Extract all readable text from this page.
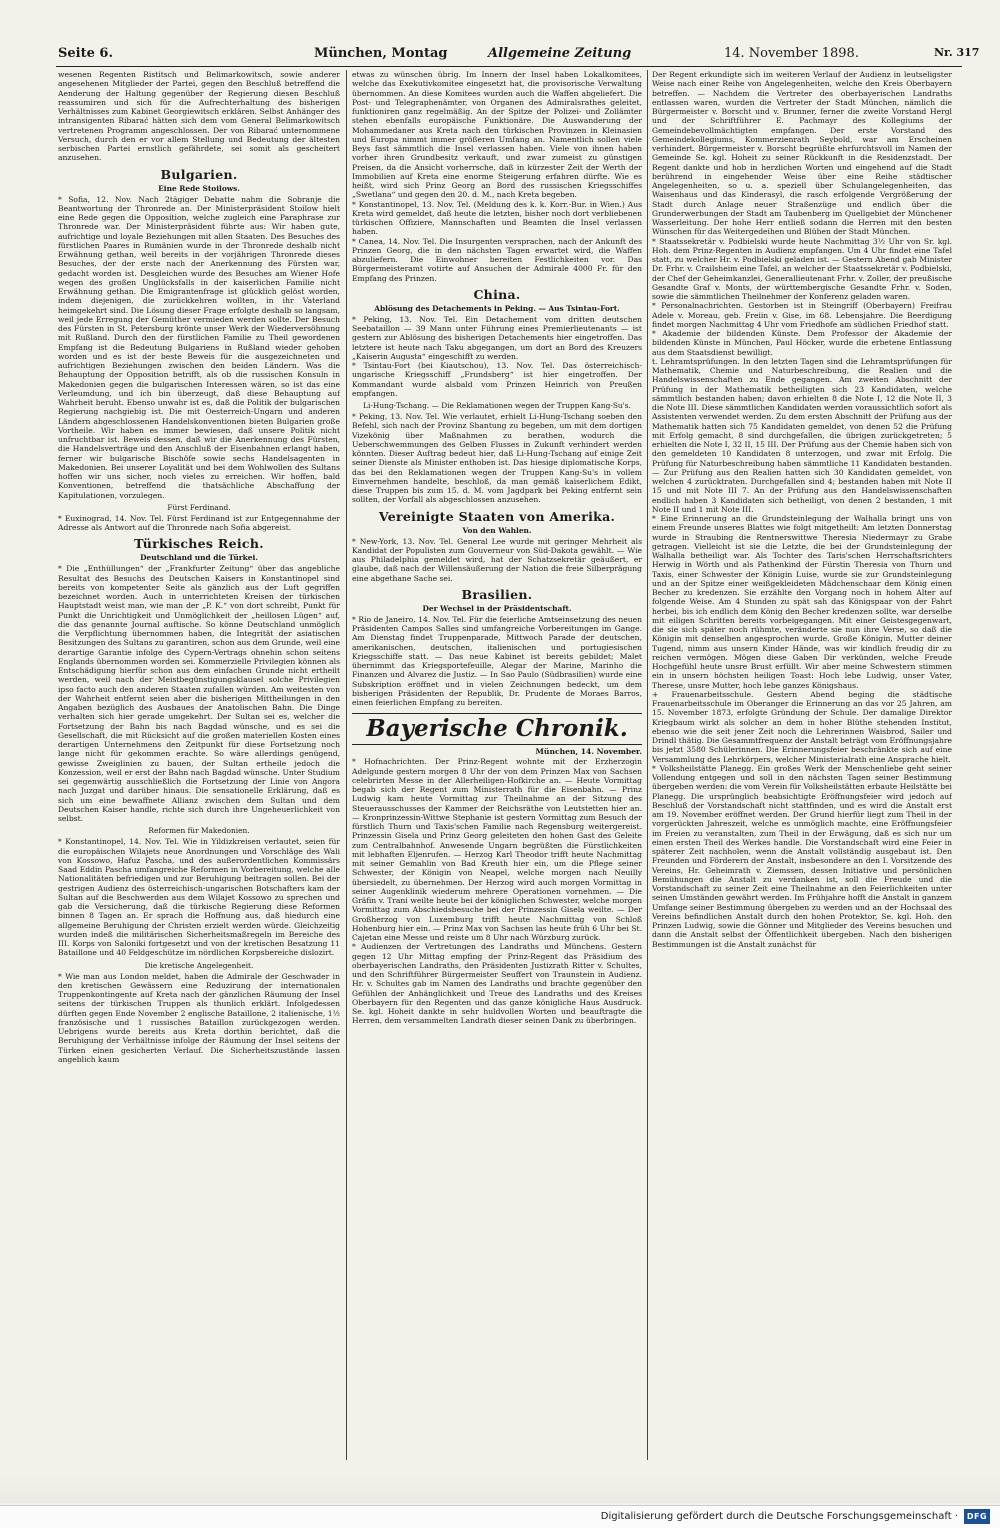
Seite 6.	München, Montag	Allgemeine Zeitung	14. November 1898.	Nr. 317

wesenen Regenten Ristitsch und Belimarkowitsch, sowie anderer angesehenen Mitglieder der Partei, gegen den Beschluß betreffend die Aenderung der Haltung gegenüber der Regierung diesen Beschluß reassumiren und sich für die Aufrechterhaltung des bisherigen Verhältnisses zum Kabinet Georgiewitsch erklären. Selbst Anhänger des intransigenten Ribarać hätten sich dem vom General Belimarkowitsch vertretenen Programm angeschlossen. Der von Ribarać unternommene Versuch, durch den er vor allem Stellung und Bedeutung der ältesten serbischen Partei ernstlich gefährdete, sei somit als gescheitert anzusehen.

Bulgarien.
Eine Rede Stoilows.

* Sofia, 12. Nov. Nach 2tägiger Debatte nahm die Sobranje die Beantwortung der Thronrede an. Der Ministerpräsident Stoilow hielt eine Rede gegen die Opposition, welche zugleich eine Paraphrase zur Thronrede war. Der Ministerpräsident führte aus: Wir haben gute, aufrichtige und loyale Beziehungen mit allen Staaten. Des Besuches des fürstlichen Paares in Rumänien wurde in der Thronrede deshalb nicht Erwähnung gethan, weil bereits in der vorjährigen Thronrede dieses Besuches, der der erste nach der Anerkennung des Fürsten war, gedacht worden ist. Desgleichen wurde des Besuches am Wiener Hofe wegen des großen Unglücksfalls in der kaiserlichen Familie nicht Erwähnung gethan. Die Emigrantenfrage ist glücklich gelöst worden, indem diejenigen, die zurückkehren wollten, in ihr Vaterland heimgekehrt sind. Die Lösung dieser Frage erfolgte deshalb so langsam, weil jede Erregung der Gemüther vermieden werden sollte. Der Besuch des Fürsten in St. Petersburg krönte unser Werk der Wiederversöhnung mit Rußland. Durch den der fürstlichen Familie zu Theil gewordenen Empfang ist die Bedeutung Bulgariens in Rußland wieder gehoben worden und es ist der beste Beweis für die ausgezeichneten und aufrichtigen Beziehungen zwischen den beiden Ländern. Was die Behauptung der Opposition betrifft, als ob die russischen Konsuln in Makedonien gegen die bulgarischen Interessen wären, so ist das eine Verleumdung, und ich bin überzeugt, daß diese Behauptung auf Wahrheit beruht. Ebenso unwahr ist es, daß die Politik der bulgarischen Regierung nachgiebig ist. Die mit Oesterreich-Ungarn und anderen Ländern abgeschlossenen Handelskonventionen bieten Bulgarien große Vortheile. Wir haben es immer bewiesen, daß unsere Politik nicht unfruchtbar ist. Beweis dessen, daß wir die Anerkennung des Fürsten, die Handelsverträge und den Anschluß der Eisenbahnen erlangt haben, ferner wir bulgarische Bischöfe sowie sechs Handelsagenten in Makedonien. Bei unserer Loyalität und bei dem Wohlwollen des Sultans hoffen wir uns sicher, noch vieles zu erreichen. Wir hoffen, bald Konventionen, betreffend die thatsächliche Abschaffung der Kapitulationen, vorzulegen.

Fürst Ferdinand.

* Euxinograd, 14. Nov. Tel. Fürst Ferdinand ist zur Entgegennahme der Adresse als Antwort auf die Thronrede nach Sofia abgereist.

Türkisches Reich.
Deutschland und die Türkei.

* Die „Enthüllungen“ der „Frankfurter Zeitung“ über das angebliche Resultat des Besuchs des Deutschen Kaisers in Konstantinopel sind bereits von kompetenter Seite als gänzlich aus der Luft gegriffen bezeichnet worden. Auch in unterrichteten Kreisen der türkischen Hauptstadt weist man, wie man der „P. K.“ von dort schreibt, Punkt für Punkt die Unrichtigkeit und Unmöglichkeit der „heillosen Lügen“ auf, die das genannte Journal auftische. So könne Deutschland unmöglich die Verpflichtung übernommen haben, die Integrität der asiatischen Besitzungen des Sultans zu garantiren, schon aus dem Grunde, weil eine derartige Garantie infolge des Cypern-Vertrags ohnehin schon seitens Englands übernommen worden sei. Kommerzielle Privilegien können als Entschädigung hierfür schon aus dem einfachen Grunde nicht ertheilt werden, weil nach der Meistbegünstigungsklausel solche Privilegien ipso facto auch den anderen Staaten zufallen würden. Am weitesten von der Wahrheit entfernt seien aber die bisherigen Mittheilungen in den Angaben bezüglich des Ausbaues der Anatolischen Bahn. Die Dinge verhalten sich hier gerade umgekehrt. Der Sultan sei es, welcher die Fortsetzung der Bahn bis nach Bagdad wünsche, und es sei die Gesellschaft, die mit Rücksicht auf die großen materiellen Kosten eines derartigen Unternehmens den Zeitpunkt für diese Fortsetzung noch lange nicht für gekommen erachte. So wäre allerdings genügend, gewisse Zweiglinien zu bauen, der Sultan ertheile jedoch die Konzession, weil er erst der Bahn nach Bagdad wünsche. Unter Studium sei gegenwärtig ausschließlich die Fortsetzung der Linie von Angora nach Juzgat und darüber hinaus. Die sensationelle Erklärung, daß es sich um eine bewaffnete Allianz zwischen dem Sultan und dem Deutschen Kaiser handle, richte sich durch ihre Ungeheuerlichkeit von selbst.

Reformen für Makedonien.

* Konstantinopel, 14. Nov. Tel. Wie in Yildizkreisen verlautet, seien für die europäischen Wilajets neue Anordnungen und Vorschläge des Wali von Kossowo, Hafuz Pascha, und des außerordentlichen Kommissärs Saad Eddin Pascha umfangreiche Reformen in Vorbereitung, welche alle Nationalitäten befriedigen und zur Beruhigung beitragen sollen. Bei der gestrigen Audienz des österreichisch-ungarischen Botschafters kam der Sultan auf die Beschwerden aus dem Wilajet Kossowo zu sprechen und gab die Versicherung, daß die türkische Regierung diese Reformen binnen 8 Tagen an. Er sprach die Hoffnung aus, daß hiedurch eine allgemeine Beruhigung der Christen erzielt werden würde. Gleichzeitig wurden indeß die militärischen Sicherheitsmaßregeln im Bereiche des III. Korps von Saloniki fortgesetzt und von der kretischen Besatzung 11 Bataillone und 40 Feldgeschütze im nördlichen Korpsbereiche dislozirt.

Die kretische Angelegenheit.

* Wie man aus London meldet, haben die Admirale der Geschwader in den kretischen Gewässern eine Reduzirung der internationalen Truppenkontingente auf Kreta nach der gänzlichen Räumung der Insel seitens der türkischen Truppen als thunlich erklärt. Infolgedessen dürften gegen Ende November 2 englische Bataillone, 2 italienische, 1½ französische und 1 russisches Bataillon zurückgezogen werden. Uebrigens wurde bereits aus Kreta dorthin berichtet, daß die Beruhigung der Verhältnisse infolge der Räumung der Insel seitens der Türken einen gesicherten Verlauf. Die Sicherheitszustände lassen angeblich kaum

etwas zu wünschen übrig. Im Innern der Insel haben Lokalkomitees, welche das Exekutivkomitee eingesetzt hat, die provisorische Verwaltung übernommen. An diese Komitees wurden auch die Waffen abgeliefert. Die Post- und Telegraphenämter, von Organen des Admiralsrathes geleitet, funktioniren ganz regelmäßig. An der Spitze der Polizei- und Zollämter stehen ebenfalls europäische Funktionäre. Die Auswanderung der Mohammedaner aus Kreta nach den türkischen Provinzen in Kleinasien und Europa nimmt immer größeren Umfang an. Namentlich sollen viele Beys fast sämmtlich die Insel verlassen haben. Viele von ihnen haben vorher ihren Grundbesitz verkauft, und zwar zumeist zu günstigen Preisen, da die Ansicht vorherrsche, daß in kürzester Zeit der Werth der Immobilien auf Kreta eine enorme Steigerung erfahren dürfte. Wie es heißt, wird sich Prinz Georg an Bord des russischen Kriegsschiffes „Swetlana“ und gegen den 20. d. M., nach Kreta begeben.

* Konstantinopel, 13. Nov. Tel. (Meldung des k. k. Korr.-Bur. in Wien.) Aus Kreta wird gemeldet, daß heute die letzten, bisher noch dort verbliebenen türkischen Offiziere, Mannschaften und Beamten die Insel verlassen haben.

* Canea, 14. Nov. Tel. Die Insurgenten versprachen, nach der Ankunft des Prinzen Georg, die in den nächsten Tagen erwartet wird, die Waffen abzuliefern. Die Einwohner bereiten Festlichkeiten vor. Das Bürgermeisteramt votirte auf Ansuchen der Admirale 4000 Fr. für den Empfang des Prinzen.

China.
Ablösung des Detachements in Peking. — Aus Tsintau-Fort.

* Peking, 13. Nov. Tel. Ein Detachement vom dritten deutschen Seebataillon — 39 Mann unter Führung eines Premierlieutenants — ist gestern zur Ablösung des bisherigen Detachements hier eingetroffen. Das letztere ist heute nach Taku abgegangen, um dort an Bord des Kreuzers „Kaiserin Augusta“ eingeschifft zu werden.

* Tsintau-Fort (bei Kiautschou), 13. Nov. Tel. Das österreichisch-ungarische Kriegsschiff „Frundsberg“ ist hier eingetroffen. Der Kommandant wurde alsbald vom Prinzen Heinrich von Preußen empfangen.

Li-Hung-Tschang. — Die Reklamationen wegen der Truppen Kang-Su's.

* Peking, 13. Nov. Tel. Wie verlautet, erhielt Li-Hung-Tschang soeben den Befehl, sich nach der Provinz Shantung zu begeben, um mit dem dortigen Vizekönig über Maßnahmen zu berathen, wodurch die Ueberschwemmungen des Gelben Flusses in Zukunft verhindert werden könnten. Dieser Auftrag bedeut hier, daß Li-Hung-Tschang auf einige Zeit seiner Dienste als Minister enthoben ist. Das hiesige diplomatische Korps, das bei den Reklamationen wegen der Truppen Kang-Su's in vollem Einvernehmen handelte, beschloß, da man gemäß kaiserlichem Edikt, diese Truppen bis zum 15. d. M. vom Jagdpark bei Peking entfernt sein sollten, der Vorfall als abgeschlossen anzusehen.

Vereinigte Staaten von Amerika.
Von den Wahlen.

* New-York, 13. Nov. Tel. General Lee wurde mit geringer Mehrheit als Kandidat der Populisten zum Gouverneur von Süd-Dakota gewählt. — Wie aus Philadelphia gemeldet wird, hat der Schatzsekretär geäußert, er glaube, daß nach der Willensäußerung der Nation die freie Silberprägung eine abgethane Sache sei.

Brasilien.
Der Wechsel in der Präsidentschaft.

* Rio de Janeiro, 14. Nov. Tel. Für die feierliche Amtseinsetzung des neuen Präsidenten Campos Salles sind umfangreiche Vorbereitungen im Gange. Am Dienstag findet Truppenparade, Mittwoch Parade der deutschen, amerikanischen, deutschen, italienischen und portugiesischen Kriegsschiffe statt. — Das neue Kabinet ist bereits gebildet; Malet übernimmt das Kriegsportefeuille, Alegar der Marine, Marinho die Finanzen und Alvarez die Justiz. — In Sao Paulo (Südbrasilien) wurde eine Subskription eröffnet und in vielen Zeichnungen bedeckt, um dem bisherigen Präsidenten der Republik, Dr. Prudente de Moraes Barros, einen feierlichen Empfang zu bereiten.

Bayerische Chronik.
München, 14. November.

* Hofnachrichten. Der Prinz-Regent wohnte mit der Erzherzogin Adelgunde gestern morgen 8 Uhr der von dem Prinzen Max von Sachsen celebrirten Messe in der Allerheiligen-Hofkirche an. — Heute Vormittag begab sich der Regent zum Ministerrath für die Eisenbahn. — Prinz Ludwig kam heute Vormittag zur Theilnahme an der Sitzung des Steuerausschusses der Kammer der Reichsräthe von Leutstetten hier an. — Kronprinzessin-Wittwe Stephanie ist gestern Vormittag zum Besuch der fürstlich Thurn und Taxis'schen Familie nach Regensburg weitergereist. Prinzessin Gisela und Prinz Georg geleiteten den hohen Gast des Geleite zum Centralbahnhof. Anwesende Ungarn begrüßten die Fürstlichkeiten mit lebhaften Eljenrufen. — Herzog Karl Theodor trifft heute Nachmittag mit seiner Gemahlin von Bad Kreuth hier ein, um die Pflege seiner Schwester, der Königin von Neapel, welche morgen nach Neuilly übersiedelt, zu übernehmen. Der Herzog wird auch morgen Vormittag in seiner Augenklinik wiederum mehrere Operationen vornehmen. — Die Gräfin v. Trani weilte heute bei der königlichen Schwester, welche morgen Vormittag zum Abschiedsbesuche bei der Prinzessin Gisela weilte. — Der Großherzog von Luxemburg trifft heute Nachmittag von Schloß Hohenburg hier ein. — Prinz Max von Sachsen las heute früh 6 Uhr bei St. Cajetan eine Messe und reiste um 8 Uhr nach Würzburg zurück.

* Audienzen der Vertretungen des Landraths und Münchens. Gestern gegen 12 Uhr Mittag empfing der Prinz-Regent das Präsidium des oberbayerischen Landraths, den Präsidenten Justizrath Ritter v. Schultes, und den Schriftführer Bürgermeister Seuffert von Traunstein in Audienz. Hr. v. Schultes gab im Namen des Landraths und brachte gegenüber den Gefühlen der Anhänglichkeit und Treue des Landraths und des Kreises Oberbayern für den Regenten und das ganze königliche Haus Ausdruck. Se. kgl. Hoheit dankte in sehr huldvollen Worten und beauftragte die Herren, dem versammelten Landrath dieser seinen Dank zu überbringen.

Der Regent erkundigte sich im weiteren Verlauf der Audienz in leutseligster Weise nach einer Reihe von Angelegenheiten, welche den Kreis Oberbayern betreffen. — Nachdem die Vertreter des oberbayerischen Landraths entlassen waren, wurden die Vertreter der Stadt München, nämlich die Bürgermeister v. Borscht und v. Brunner, ferner die zweite Vorstand Hergl und der Schriftführer E. Pachmayr des Kollegiums der Gemeindebevollmächtigten empfangen. Der erste Vorstand des Gemeindekollegiums, Kommerzienrath Seybold, war am Erscheinen verhindert. Bürgermeister v. Borscht begrüßte ehrfurchtsvoll im Namen der Gemeinde Se. kgl. Hoheit zu seiner Rückkunft in die Residenzstadt. Der Regent dankte und hob in herzlichen Worten und eingehend auf die Stadt berührend in eingehender Weise über eine Reihe städtischer Angelegenheiten, so u. a. speziell über Schulangelegenheiten, das Waisenhaus und das Kinderasyl, die rasch erfolgende Vergrößerung der Stadt durch Anlage neuer Straßenzüge und endlich über die Grunderwerbungen der Stadt am Taubenberg im Quellgebiet der Münchener Wasserleitung. Der hohe Herr entließ sodann die Herren mit den besten Wünschen für das Weitergedeihen und Blühen der Stadt München.

* Staatssekretär v. Podbielski wurde heute Nachmittag 3½ Uhr von Sr. kgl. Hoh. dem Prinz-Regenten in Audienz empfangen. Um 4 Uhr findet eine Tafel statt, zu welcher Hr. v. Podbielski geladen ist. — Gestern Abend gab Minister Dr. Frhr. v. Crailsheim eine Tafel, an welcher der Staatssekretär v. Podbielski, der Chef der Geheimkanzlei, Generallieutenant Frhr. v. Zoller, der preußische Gesandte Graf v. Monts, der württembergische Gesandte Frhr. v. Soden, sowie die sämmtlichen Theilnehmer der Konferenz geladen waren.

* Personalnachrichten. Gestorben ist in Steingriff (Oberbayern) Freifrau Adele v. Moreau, geb. Freiin v. Gise, im 68. Lebensjahre. Die Beerdigung findet morgen Nachmittag 4 Uhr vom Friedhofe am südlichen Friedhof statt.

* Akademie der bildenden Künste. Dem Professor der Akademie der bildenden Künste in München, Paul Höcker, wurde die erbetene Entlassung aus dem Staatsdienst bewilligt.

t. Lehramtsprüfungen. In den letzten Tagen sind die Lehramtsprüfungen für Mathematik, Chemie und Naturbeschreibung, die Realien und die Handelswissenschaften zu Ende gegangen. Am zweiten Abschnitt der Prüfung in der Mathematik betheiligten sich 23 Kandidaten, welche sämmtlich bestanden haben; davon erhielten 8 die Note I, 12 die Note II, 3 die Note III. Diese sämmtlichen Kandidaten werden voraussichtlich sofort als Assistenten verwendet werden. Zu dem ersten Abschnitt der Prüfung aus der Mathematik hatten sich 75 Kandidaten gemeldet, von denen 52 die Prüfung mit Erfolg gemacht, 8 sind durchgefallen, die übrigen zurückgetreten; 5 erhielten die Note I, 32 II, 15 III. Der Prüfung aus der Chemie haben sich von den gemeldeten 10 Kandidaten 8 unterzogen, und zwar mit Erfolg. Die Prüfung für Naturbeschreibung haben sämmtliche 11 Kandidaten bestanden. — Zur Prüfung aus den Realien hatten sich 30 Kandidaten gemeldet, von welchen 4 zurücktraten. Durchgefallen sind 4; bestanden haben mit Note II 15 und mit Note III 7. An der Prüfung aus den Handelswissenschaften endlich haben 3 Kandidaten sich betheiligt, von denen 2 bestanden, 1 mit Note II und 1 mit Note III.

* Eine Erinnerung an die Grundsteinlegung der Walhalla bringt uns von einem Freunde unseres Blattes wie folgt mitgetheilt: Am letzten Donnerstag wurde in Straubing die Rentnerswittwe Theresia Niedermayr zu Grabe getragen. Vielleicht ist sie die Letzte, die bei der Grundsteinlegung der Walhalla betheiligt war. Als Tochter des Taris'schen Herrschaftsrichters Herwig in Wörth und als Pathenkind der Fürstin Theresia von Thurn und Taxis, einer Schwester der Königin Luise, wurde sie zur Grundsteinlegung und an der Spitze einer weißgekleideten Mädchenschaar dem König einen Becher zu kredenzen. Sie erzählte den Vorgang noch in hohem Alter auf folgende Weise. Am 4 Stunden zu spät sah das Königspaar von der Fahrt herbei, bis ich endlich dem König den Becher kredenzen sollte, war derselbe mit eiligen Schritten bereits vorbeigegangen. Mit einer Geistesgegenwart, die sie sich später noch rühmte, veränderte sie nun ihre Verse, so daß die Königin mit denselben angesprochen wurde. Große Königin, Mutter deiner Tugend, nimm aus unsern Kinder Hände, was wir kindlich freudig dir zu reichen vermögen. Mögen diese Gaben Dir verkünden, welche Freude Hochgefühl heute unsre Brust erfüllt. Wir aber meine Schwestern stimmen ein in unsern höchsten heiligen Toast: Hoch lebe Ludwig, unser Vater, Therese, unsre Mutter, hoch lebe ganzes Königshaus.

+ Frauenarbeitsschule. Gestern Abend beging die städtische Frauenarbeitsschule im Oberanger die Erinnerung an das vor 25 Jahren, am 15. November 1873, erfolgte Gründung der Schule. Der damalige Direktor Kriegbaum wirkt als solcher an dem in hoher Blüthe stehenden Institut, ebenso wie die seit jener Zeit noch die Lehrerinnen Waisbrod, Sailer und Drindl thätig. Die Gesammtfrequenz der Anstalt beträgt vom Eröffnungsjahre bis jetzt 3580 Schülerinnen. Die Erinnerungsfeier beschränkte sich auf eine Versammlung des Lehrkörpers, welcher Ministerialrath eine Ansprache hielt.

* Volksheilstätte Planegg. Ein großes Werk der Menschenliebe geht seiner Vollendung entgegen und soll in den nächsten Tagen seiner Bestimmung übergeben werden: die vom Verein für Volksheilstätten erbaute Heilstätte bei Planegg. Die ursprünglich beabsichtigte Eröffnungsfeier wird jedoch auf Beschluß der Vorstandschaft nicht stattfinden, und es wird die Anstalt erst am 19. November eröffnet werden. Der Grund hierfür liegt zum Theil in der vorgerückten Jahreszeit, welche es unmöglich machte, eine Eröffnungsfeier im Freien zu veranstalten, zum Theil in der Erwägung, daß es sich nur um einen ersten Theil des Werkes handle. Die Vorstandschaft wird eine Feier in späterer Zeit nachholen, wenn die Anstalt vollständig ausgebaut ist. Den Freunden und Förderern der Anstalt, insbesondere an den I. Vorsitzende des Vereins, Hr. Geheimrath v. Ziemssen, dessen Initiative und persönlichen Bemühungen die Anstalt zu verdanken ist, soll die Freude und die Vorstandschaft zu seiner Zeit eine Theilnahme an den Feierlichkeiten unter seinen Umständen gewährt werden. Im Frühjahre hofft die Anstalt in ganzem Umfange seiner Bestimmung übergeben zu werden und an der Hochsaal des Vereins befindlichen Anstalt durch den hohen Protektor, Se. kgl. Hoh. den Prinzen Ludwig, sowie die Gönner und Mitglieder des Vereins besuchen und dann die Anstalt selbst der Öffentlichkeit übergeben. Nach den bisherigen Bestimmungen ist die Anstalt zunächst für

Digitalisierung gefördert durch die Deutsche Forschungsgemeinschaft ·	DFG
